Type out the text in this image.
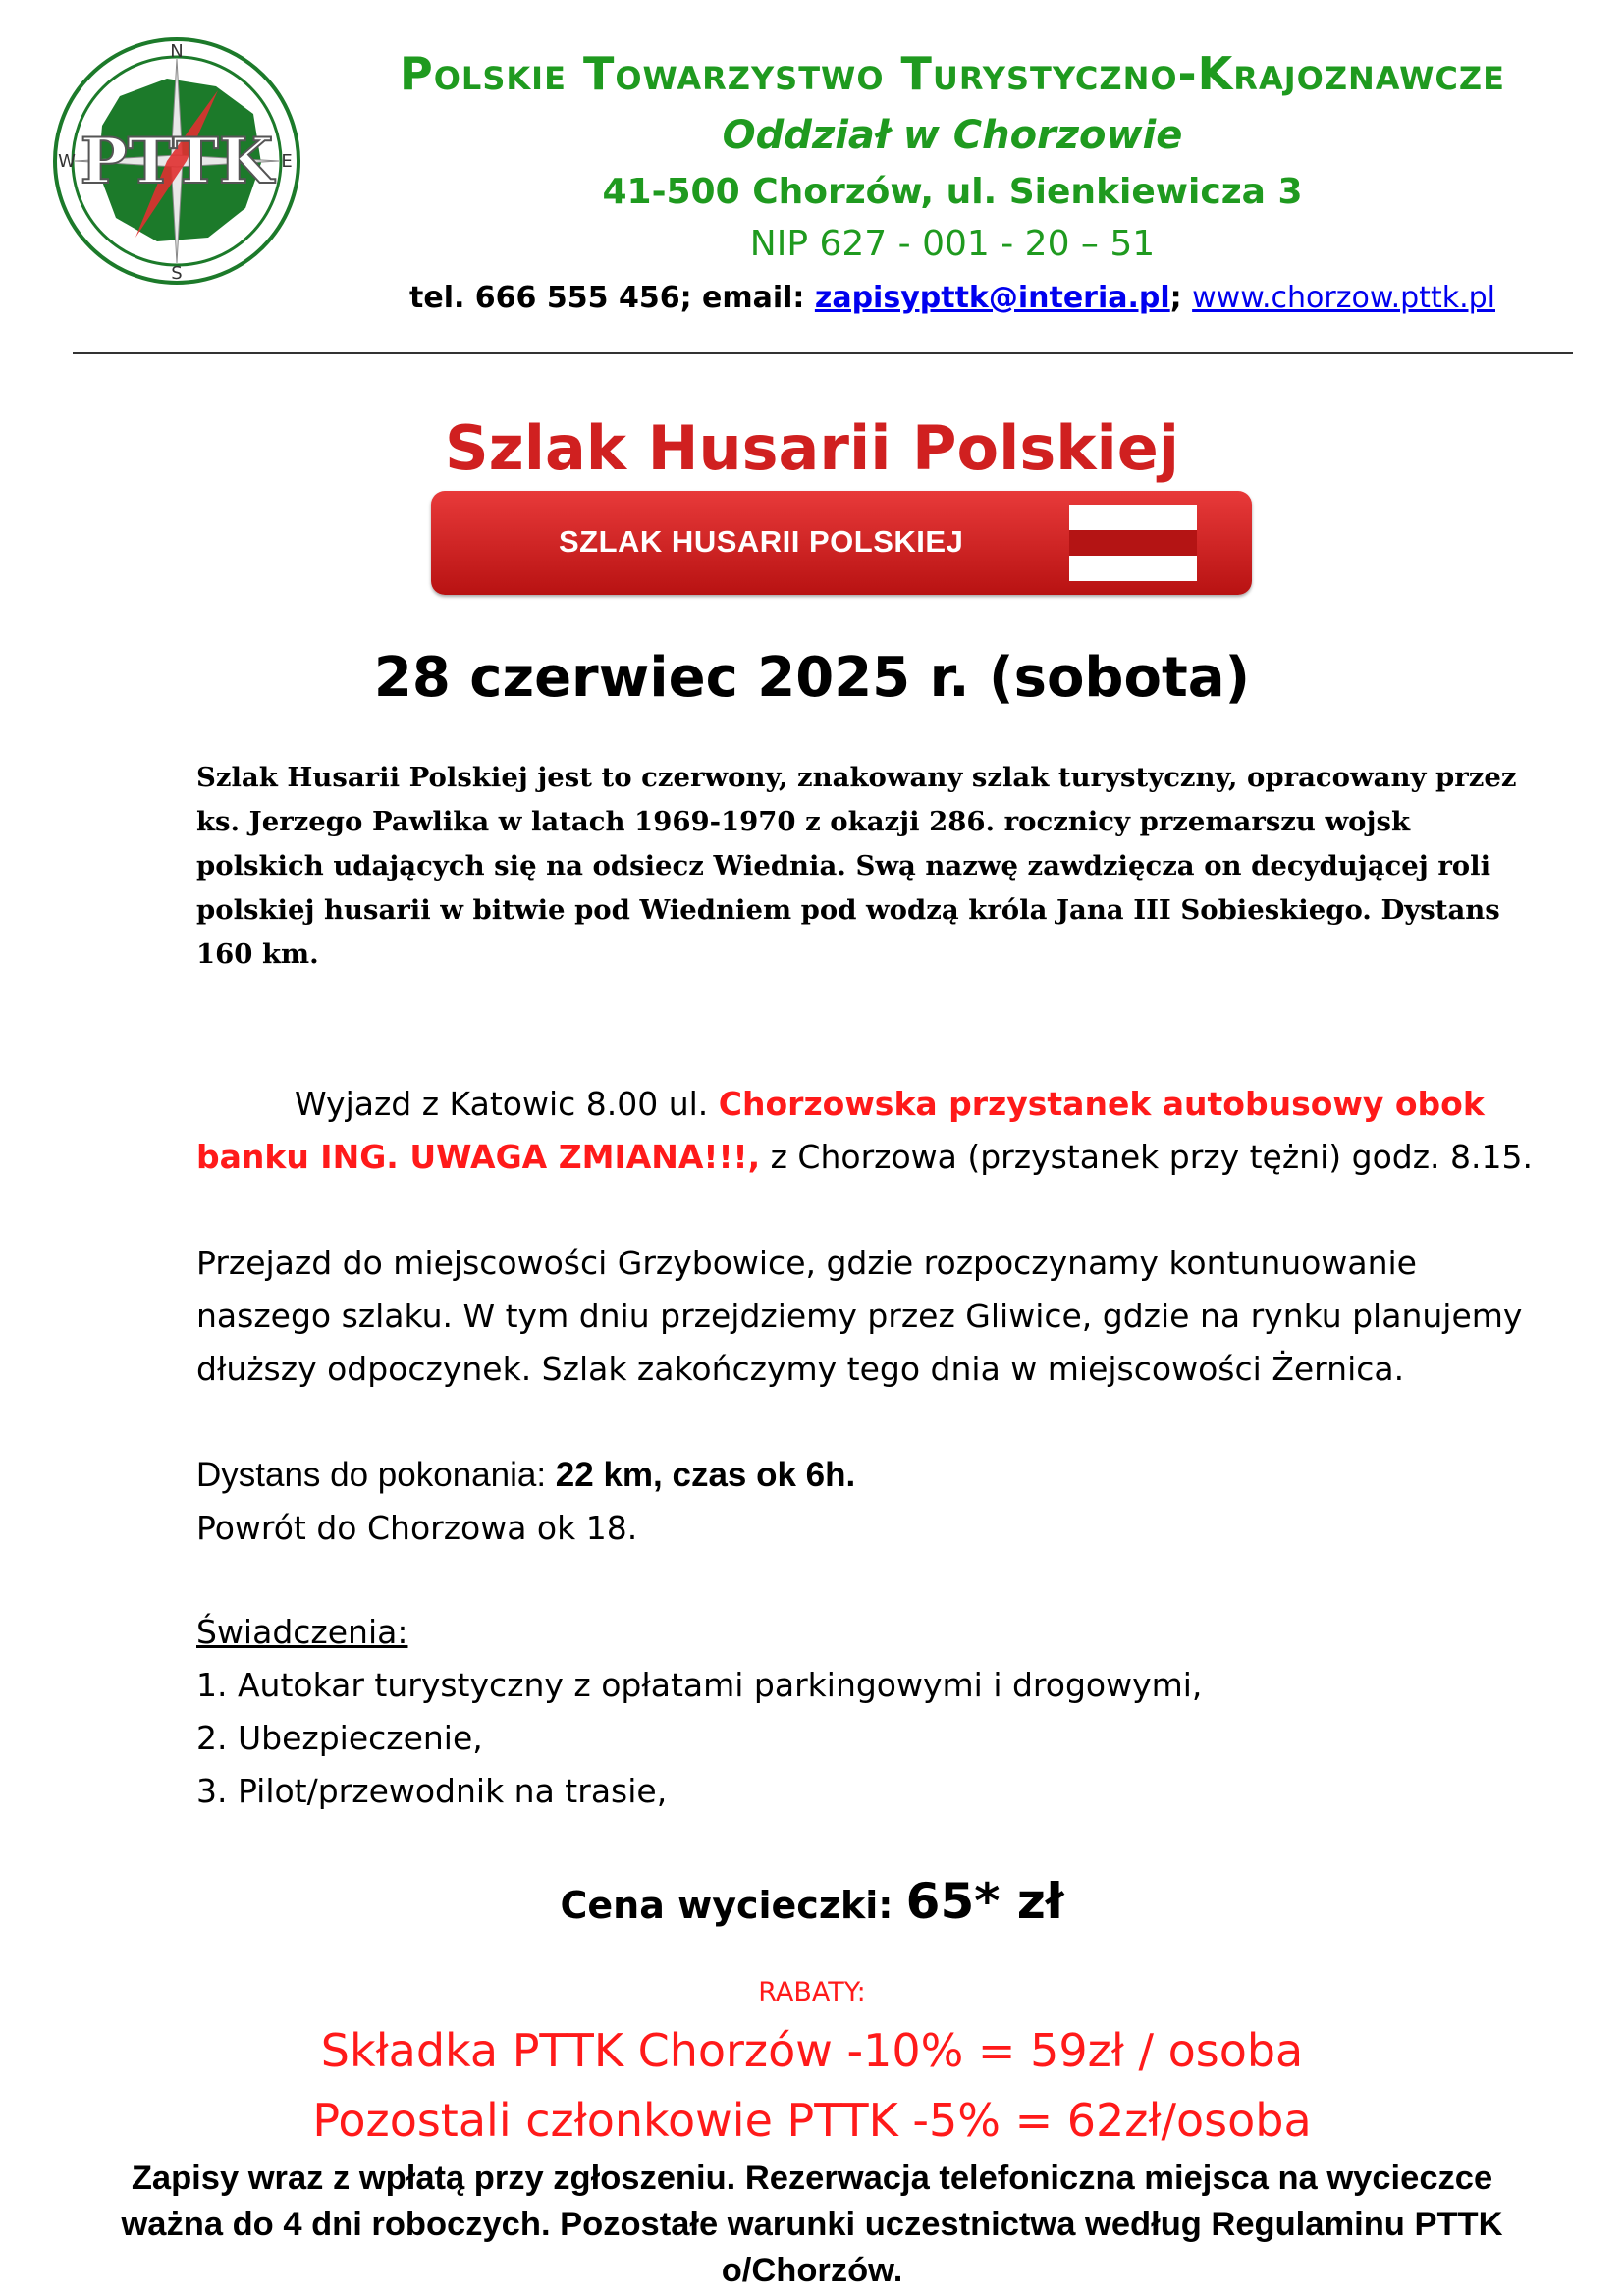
N
E
S
W PTTK
Polskie Towarzystwo Turystyczno-Krajoznawcze
Oddział w Chorzowie
41-500 Chorzów, ul. Sienkiewicza 3
NIP 627 - 001 - 20 – 51
tel. 666 555 456; email: zapisypttk@interia.pl; www.chorzow.pttk.pl
Szlak Husarii Polskiej
SZLAK HUSARII POLSKIEJ
28 czerwiec 2025 r. (sobota)
Szlak Husarii Polskiej jest to czerwony, znakowany szlak turystyczny, opracowany przez ks. Jerzego Pawlika w latach 1969-1970 z okazji 286. rocznicy przemarszu wojsk polskich udających się na odsiecz Wiednia. Swą nazwę zawdzięcza on decydującej roli polskiej husarii w bitwie pod Wiedniem pod wodzą króla Jana III Sobieskiego. Dystans 160 km.
Wyjazd z Katowic 8.00 ul. Chorzowska przystanek autobusowy obok banku ING. UWAGA ZMIANA!!!, z Chorzowa (przystanek przy tężni) godz. 8.15.
Przejazd do miejscowości Grzybowice, gdzie rozpoczynamy kontunuowanie naszego szlaku. W tym dniu przejdziemy przez Gliwice, gdzie na rynku planujemy dłuższy odpoczynek. Szlak zakończymy tego dnia w miejscowości Żernica.
Dystans do pokonania: 22 km, czas ok 6h.
Powrót do Chorzowa ok 18.
Świadczenia:
1. Autokar turystyczny z opłatami parkingowymi i drogowymi,
2. Ubezpieczenie,
3. Pilot/przewodnik na trasie,
Cena wycieczki: 65* zł
RABATY:
Składka PTTK Chorzów -10% = 59zł / osoba
Pozostali członkowie PTTK -5% = 62zł/osoba
Zapisy wraz z wpłatą przy zgłoszeniu. Rezerwacja telefoniczna miejsca na wycieczce ważna do 4 dni roboczych. Pozostałe warunki uczestnictwa według Regulaminu PTTK o/Chorzów.
